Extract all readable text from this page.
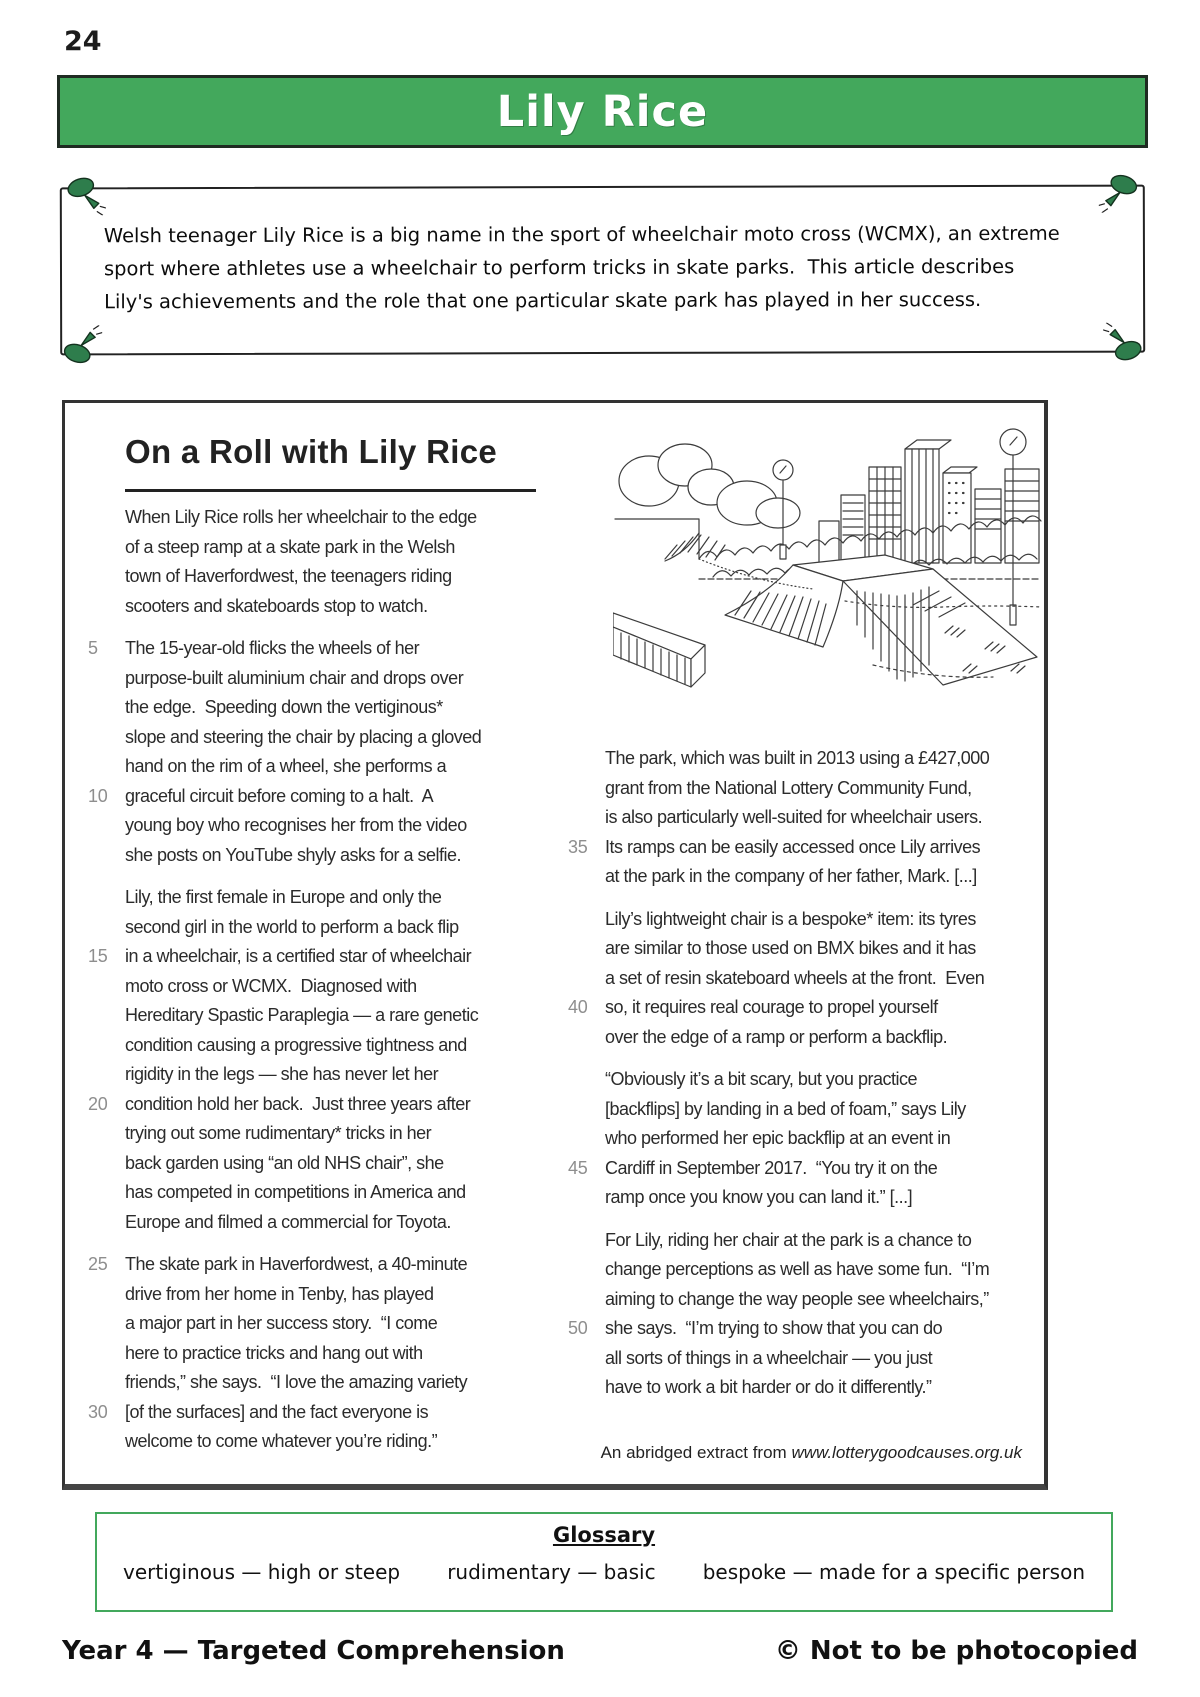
24
Lily Rice
Welsh teenager Lily Rice is a big name in the sport of wheelchair moto cross (WCMX), an extreme
sport where athletes use a wheelchair to perform tricks in skate parks.  This article describes
Lily's achievements and the role that one particular skate park has played in her success.
On a Roll with Lily Rice
When Lily Rice rolls her wheelchair to the edge
of a steep ramp at a skate park in the Welsh
town of Haverfordwest, the teenagers riding
scooters and skateboards stop to watch.
5	The 15-year-old flicks the wheels of her
purpose-built aluminium chair and drops over
the edge.  Speeding down the vertiginous*
slope and steering the chair by placing a gloved
hand on the rim of a wheel, she performs a
10 graceful circuit before coming to a halt.  A
young boy who recognises her from the video
she posts on YouTube shyly asks for a selfie.
Lily, the first female in Europe and only the
second girl in the world to perform a back flip
15 in a wheelchair, is a certified star of wheelchair
moto cross or WCMX.  Diagnosed with
Hereditary Spastic Paraplegia — a rare genetic
condition causing a progressive tightness and
rigidity in the legs — she has never let her
20 condition hold her back.  Just three years after
trying out some rudimentary* tricks in her
back garden using “an old NHS chair”, she
has competed in competitions in America and
Europe and filmed a commercial for Toyota.
25 The skate park in Haverfordwest, a 40-minute
drive from her home in Tenby, has played
a major part in her success story.  “I come
here to practice tricks and hang out with
friends,” she says.  “I love the amazing variety
30 [of the surfaces] and the fact everyone is
welcome to come whatever you’re riding.”
The park, which was built in 2013 using a £427,000
grant from the National Lottery Community Fund,
is also particularly well-suited for wheelchair users.
35 Its ramps can be easily accessed once Lily arrives
at the park in the company of her father, Mark. [...]
Lily’s lightweight chair is a bespoke* item: its tyres
are similar to those used on BMX bikes and it has
a set of resin skateboard wheels at the front.  Even
40 so, it requires real courage to propel yourself
over the edge of a ramp or perform a backflip.
“Obviously it’s a bit scary, but you practice
[backflips] by landing in a bed of foam,” says Lily
who performed her epic backflip at an event in
45 Cardiff in September 2017.  “You try it on the
ramp once you know you can land it.” [...]
For Lily, riding her chair at the park is a chance to
change perceptions as well as have some fun.  “I’m
aiming to change the way people see wheelchairs,”
50 she says.  “I’m trying to show that you can do
all sorts of things in a wheelchair — you just
have to work a bit harder or do it differently.”
An abridged extract from www.lotterygoodcauses.org.uk
Glossary
vertiginous — high or steep rudimentary — basic bespoke — made for a specific person
Year 4 — Targeted Comprehension	© Not to be photocopied
